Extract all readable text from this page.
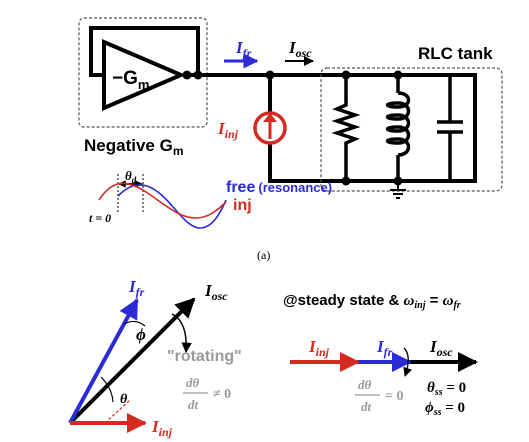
$-G_m$
Negative $G_m$
$I_{fr}$ $I_{osc}$
$I_{inj}$
RLC tank
$\theta_d$
t = 0
free (resonance)
inj
(a)
$I_{fr}$	$I_{osc}$
$I_{inj}$
ϕ
θ
"rotating"
dθ
dt
≠ 0
@steady state & $\omega_{inj} = \omega_{fr}$
$I_{inj}$	$I_{fr}$ $I_{osc}$
dθ
dt
= 0
$\theta_{ss} = 0$
$\phi_{ss} = 0$
